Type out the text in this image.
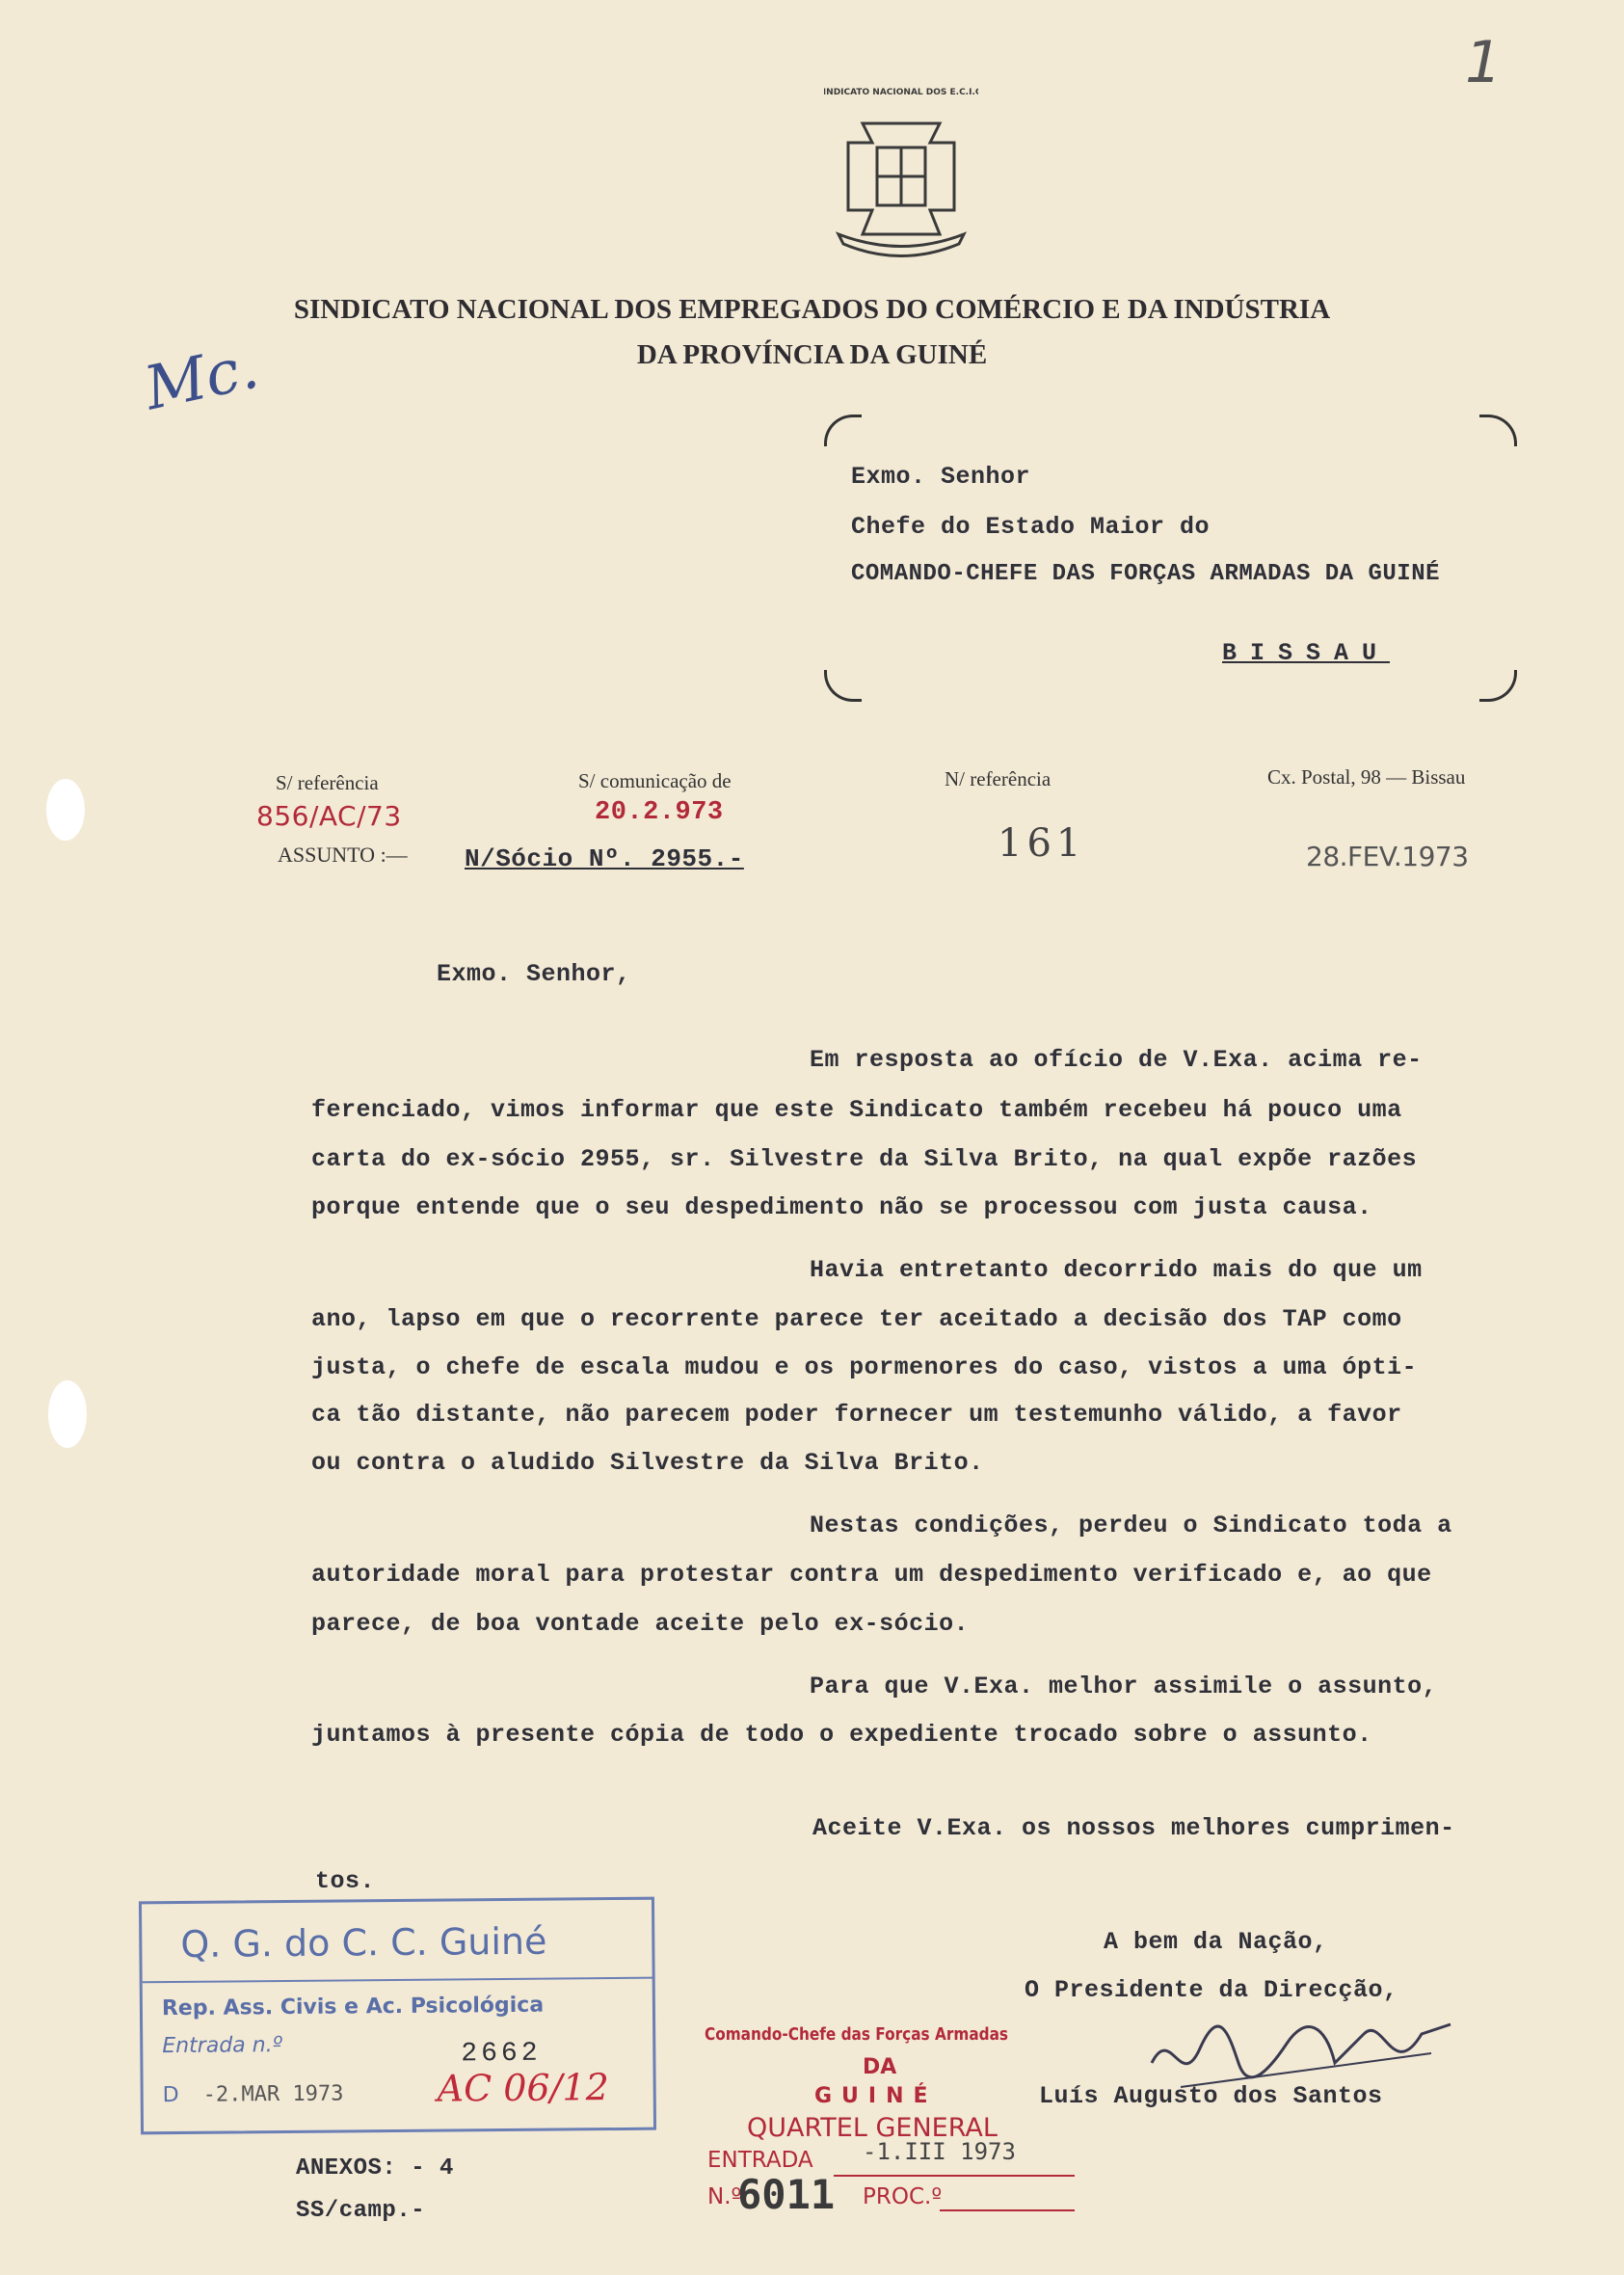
1
Mc.
SINDICATO NACIONAL DOS E.C.I.G.
SINDICATO NACIONAL DOS EMPREGADOS DO COMÉRCIO E DA INDÚSTRIA
DA PROVÍNCIA DA GUINÉ
Exmo. Senhor
Chefe do Estado Maior do
COMANDO-CHEFE DAS FORÇAS ARMADAS DA GUINÉ
BISSAU
S/ referência
856/AC/73
S/ comunicação de
20.2.973
N/ referência
161
Cx. Postal, 98 — Bissau
28.FEV.1973
ASSUNTO :— N/Sócio Nº. 2955.-
Exmo. Senhor,
Em resposta ao ofício de V.Exa. acima re-
ferenciado, vimos informar que este Sindicato também recebeu há pouco uma
carta do ex-sócio 2955, sr. Silvestre da Silva Brito, na qual expõe razões
porque entende que o seu despedimento não se processou com justa causa.
Havia entretanto decorrido mais do que um
ano, lapso em que o recorrente parece ter aceitado a decisão dos TAP como
justa, o chefe de escala mudou e os pormenores do caso, vistos a uma ópti-
ca tão distante, não parecem poder fornecer um testemunho válido, a favor
ou contra o aludido Silvestre da Silva Brito.
Nestas condições, perdeu o Sindicato toda a
autoridade moral para protestar contra um despedimento verificado e, ao que
parece, de boa vontade aceite pelo ex-sócio.
Para que V.Exa. melhor assimile o assunto,
juntamos à presente cópia de todo o expediente trocado sobre o assunto.
Aceite V.Exa. os nossos melhores cumprimen-
tos.
A bem da Nação,
O Presidente da Direcção,
Luís Augusto dos Santos
ANEXOS: - 4
SS/camp.-
Q. G. do C. C. Guiné
Rep. Ass. Civis e Ac. Psicológica
Entrada n.º	2662
D -2.MAR 1973	AC 06/12
Comando-Chefe das Forças Armadas
DA
GUINÉ
QUARTEL GENERAL
ENTRADA -1.III 1973
N.º
6011 PROC.º
